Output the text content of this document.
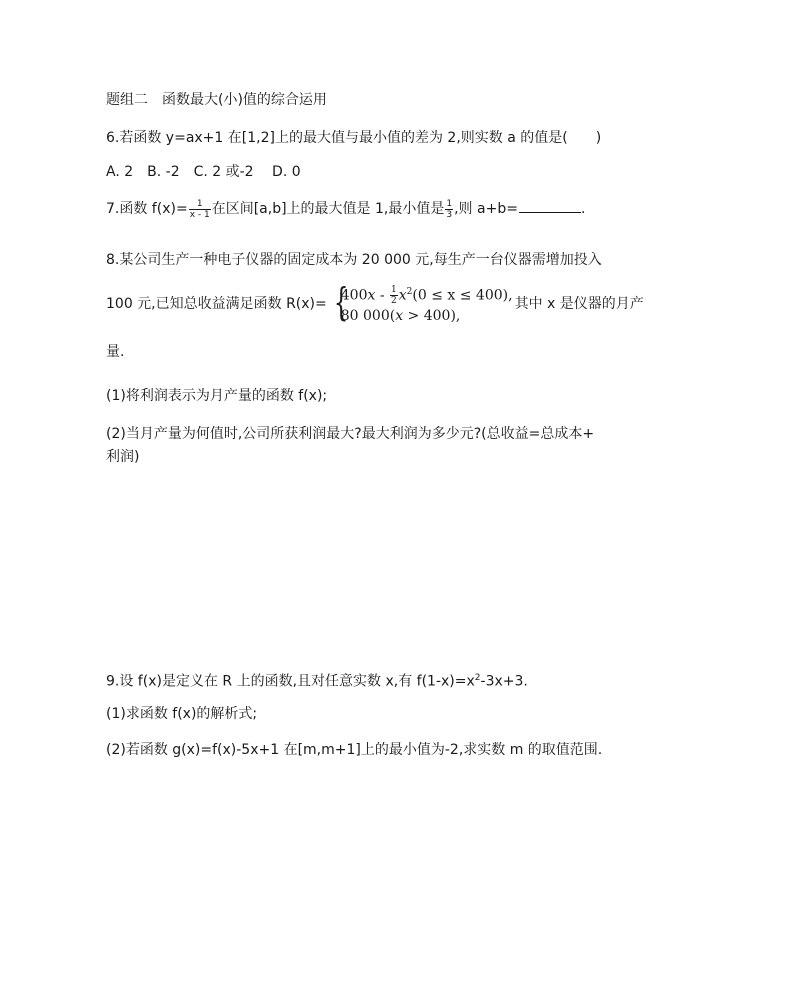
题组二　函数最大(小)值的综合运用
6.若函数 y=ax+1 在[1,2]上的最大值与最小值的差为 2,则实数 a 的值是(　　)
A. 2　B. -2　C. 2 或-2　 D. 0
7.函数 $f(x)= \frac{1}{x - 1}$ 在区间[a,b]上的最大值是 1,最小值是 $\frac{1}{3}$ ,则 a+b=	.
8.某公司生产一种电子仪器的固定成本为 20 000 元,每生产一台仪器需增加投入
100 元,已知总收益满足函数 R(x)= {
$400x - \frac{1}{2} x^2(0 \le x \le 400)$,
80 000(x > 400),
其中 x 是仪器的月产
量.
(1)将利润表示为月产量的函数 f(x);
(2)当月产量为何值时,公司所获利润最大?最大利润为多少元?(总收益=总成本+
利润)
9.设 f(x)是定义在 R 上的函数,且对任意实数 x,有 $f(1-x)=x^2-3x+3$.
(1)求函数 f(x)的解析式;
(2)若函数 g(x)=f(x)-5x+1 在[m,m+1]上的最小值为-2,求实数 m 的取值范围.
